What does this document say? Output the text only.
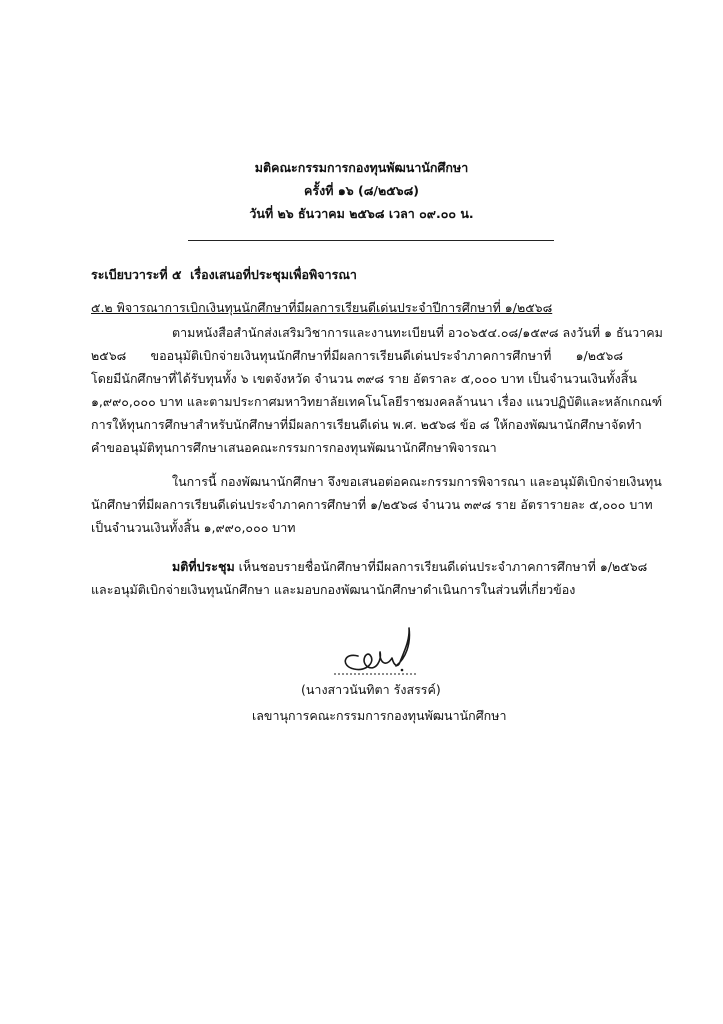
มติคณะกรรมการกองทุนพัฒนานักศึกษา
ครั้งที่ ๑๖ (๘/๒๕๖๘)
วันที่ ๒๖ ธันวาคม ๒๕๖๘ เวลา ๐๙.๐๐ น.
ระเบียบวาระที่ ๕ เรื่องเสนอที่ประชุมเพื่อพิจารณา
๕.๒ พิจารณาการเบิกเงินทุนนักศึกษาที่มีผลการเรียนดีเด่นประจำปีการศึกษาที่ ๑/๒๕๖๘
ตามหนังสือสำนักส่งเสริมวิชาการและงานทะเบียนที่ อว๐๖๕๔.๐๘/๑๕๙๘ ลงวันที่ ๑ ธันวาคม
๒๕๖๘ ขออนุมัติเบิกจ่ายเงินทุนนักศึกษาที่มีผลการเรียนดีเด่นประจำภาคการศึกษาที่ ๑/๒๕๖๘
โดยมีนักศึกษาที่ได้รับทุนทั้ง ๖ เขตจังหวัด จำนวน ๓๙๘ ราย อัตราละ ๕,๐๐๐ บาท เป็นจำนวนเงินทั้งสิ้น
๑,๙๙๐,๐๐๐ บาท และตามประกาศมหาวิทยาลัยเทคโนโลยีราชมงคลล้านนา เรื่อง แนวปฏิบัติและหลักเกณฑ์
การให้ทุนการศึกษาสำหรับนักศึกษาที่มีผลการเรียนดีเด่น พ.ศ. ๒๕๖๘ ข้อ ๘ ให้กองพัฒนานักศึกษาจัดทำ
คำขออนุมัติทุนการศึกษาเสนอคณะกรรมการกองทุนพัฒนานักศึกษาพิจารณา
ในการนี้ กองพัฒนานักศึกษา จึงขอเสนอต่อคณะกรรมการพิจารณา และอนุมัติเบิกจ่ายเงินทุน
นักศึกษาที่มีผลการเรียนดีเด่นประจำภาคการศึกษาที่ ๑/๒๕๖๘ จำนวน ๓๙๘ ราย อัตรารายละ ๕,๐๐๐ บาท
เป็นจำนวนเงินทั้งสิ้น ๑,๙๙๐,๐๐๐ บาท
มติที่ประชุม เห็นชอบรายชื่อนักศึกษาที่มีผลการเรียนดีเด่นประจำภาคการศึกษาที่ ๑/๒๕๖๘
และอนุมัติเบิกจ่ายเงินทุนนักศึกษา และมอบกองพัฒนานักศึกษาดำเนินการในส่วนที่เกี่ยวข้อง
(นางสาวนันทิตา รังสรรค์)
เลขานุการคณะกรรมการกองทุนพัฒนานักศึกษา
